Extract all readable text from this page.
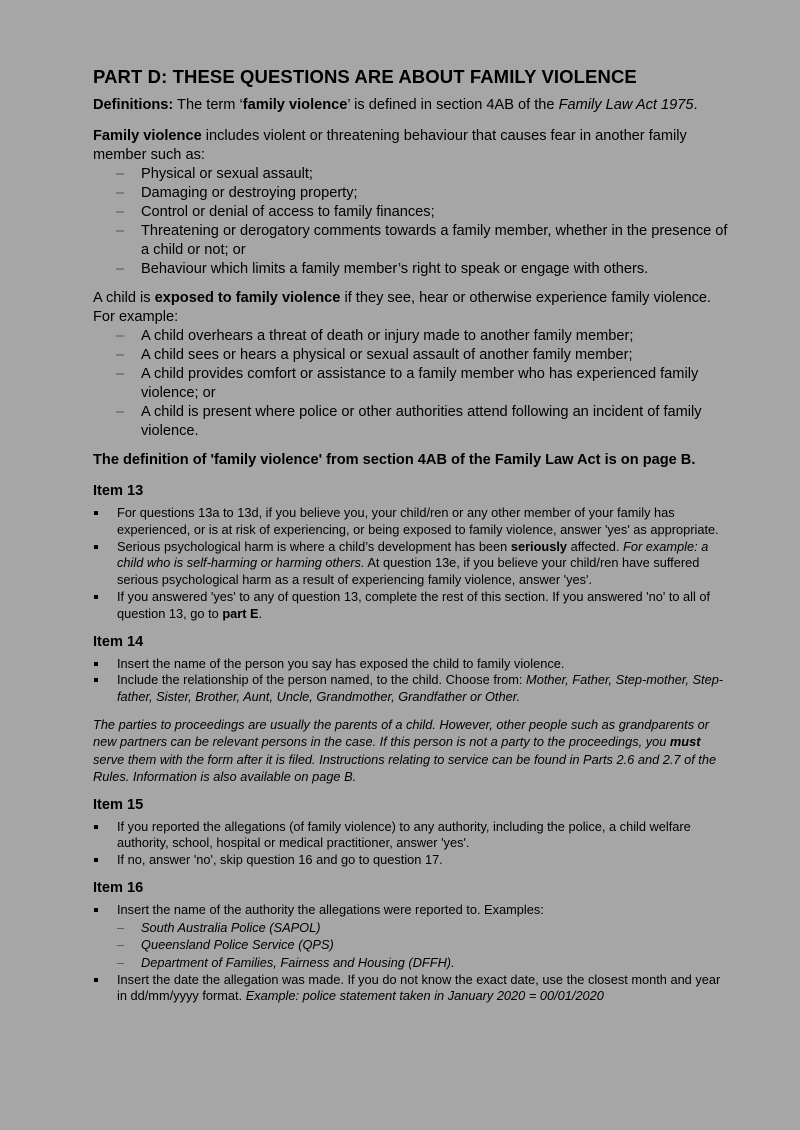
PART D: THESE QUESTIONS ARE ABOUT FAMILY VIOLENCE

Definitions: The term ‘family violence’ is defined in section 4AB of the Family Law Act 1975.

Family violence includes violent or threatening behaviour that causes fear in another family member such as:

– Physical or sexual assault;
– Damaging or destroying property;
– Control or denial of access to family finances;
– Threatening or derogatory comments towards a family member, whether in the presence of a child or not; or
– Behaviour which limits a family member’s right to speak or engage with others.

A child is exposed to family violence if they see, hear or otherwise experience family violence. For example:

– A child overhears a threat of death or injury made to another family member;
– A child sees or hears a physical or sexual assault of another family member;
– A child provides comfort or assistance to a family member who has experienced family violence; or
– A child is present where police or other authorities attend following an incident of family violence.

The definition of 'family violence' from section 4AB of the Family Law Act is on page B.

Item 13
For questions 13a to 13d, if you believe you, your child/ren or any other member of your family has experienced, or is at risk of experiencing, or being exposed to family violence, answer 'yes' as appropriate.
Serious psychological harm is where a child’s development has been seriously affected. For example: a child who is self-harming or harming others. At question 13e, if you believe your child/ren have suffered serious psychological harm as a result of experiencing family violence, answer 'yes'.
If you answered 'yes' to any of question 13, complete the rest of this section. If you answered 'no' to all of question 13, go to part E.
Item 14
Insert the name of the person you say has exposed the child to family violence.
Include the relationship of the person named, to the child. Choose from: Mother, Father, Step-mother, Step-father, Sister, Brother, Aunt, Uncle, Grandmother, Grandfather or Other.

The parties to proceedings are usually the parents of a child. However, other people such as grandparents or new partners can be relevant persons in the case. If this person is not a party to the proceedings, you must serve them with the form after it is filed. Instructions relating to service can be found in Parts 2.6 and 2.7 of the Rules. Information is also available on page B.

Item 15
If you reported the allegations (of family violence) to any authority, including the police, a child welfare authority, school, hospital or medical practitioner, answer 'yes'.
If no, answer 'no', skip question 16 and go to question 17.
Item 16
Insert the name of the authority the allegations were reported to. Examples:
– South Australia Police (SAPOL)
– Queensland Police Service (QPS)
– Department of Families, Fairness and Housing (DFFH).
Insert the date the allegation was made. If you do not know the exact date, use the closest month and year in dd/mm/yyyy format. Example: police statement taken in January 2020 = 00/01/2020
